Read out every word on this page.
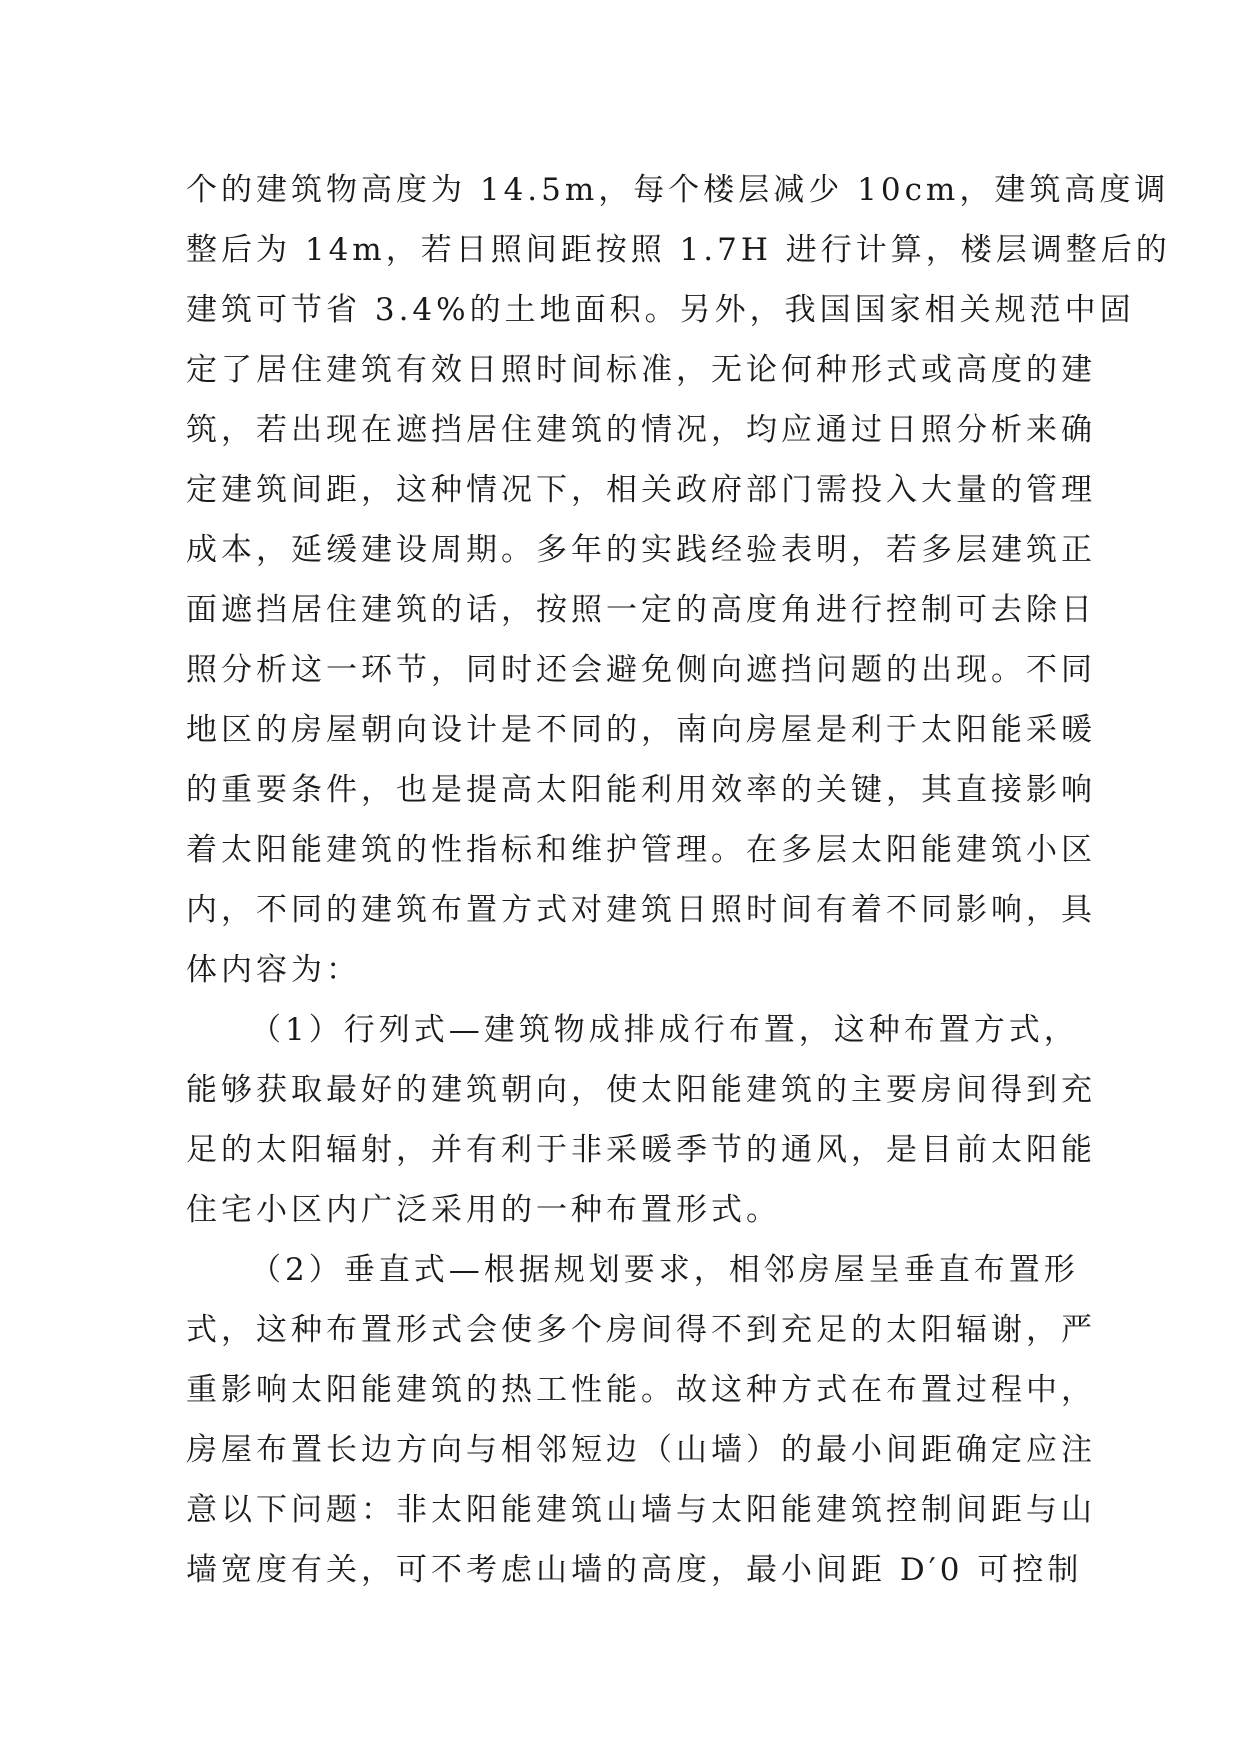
个的建筑物高度为 14.5m，每个楼层减少 10cm，建筑高度调
整后为 14m，若日照间距按照 1.7H 进行计算，楼层调整后的
建筑可节省 3.4%的土地面积。另外，我国国家相关规范中固
定了居住建筑有效日照时间标准，无论何种形式或高度的建
筑，若出现在遮挡居住建筑的情况，均应通过日照分析来确
定建筑间距，这种情况下，相关政府部门需投入大量的管理
成本，延缓建设周期。多年的实践经验表明，若多层建筑正
面遮挡居住建筑的话，按照一定的高度角进行控制可去除日
照分析这一环节，同时还会避免侧向遮挡问题的出现。不同
地区的房屋朝向设计是不同的，南向房屋是利于太阳能采暖
的重要条件，也是提高太阳能利用效率的关键，其直接影响
着太阳能建筑的性指标和维护管理。在多层太阳能建筑小区
内，不同的建筑布置方式对建筑日照时间有着不同影响，具
体内容为：
（1）行列式—建筑物成排成行布置，这种布置方式，
能够获取最好的建筑朝向，使太阳能建筑的主要房间得到充
足的太阳辐射，并有利于非采暖季节的通风，是目前太阳能
住宅小区内广泛采用的一种布置形式。
（2）垂直式—根据规划要求，相邻房屋呈垂直布置形
式，这种布置形式会使多个房间得不到充足的太阳辐谢，严
重影响太阳能建筑的热工性能。故这种方式在布置过程中，
房屋布置长边方向与相邻短边（山墙）的最小间距确定应注
意以下问题：非太阳能建筑山墙与太阳能建筑控制间距与山
墙宽度有关，可不考虑山墙的高度，最小间距 D′0 可控制
